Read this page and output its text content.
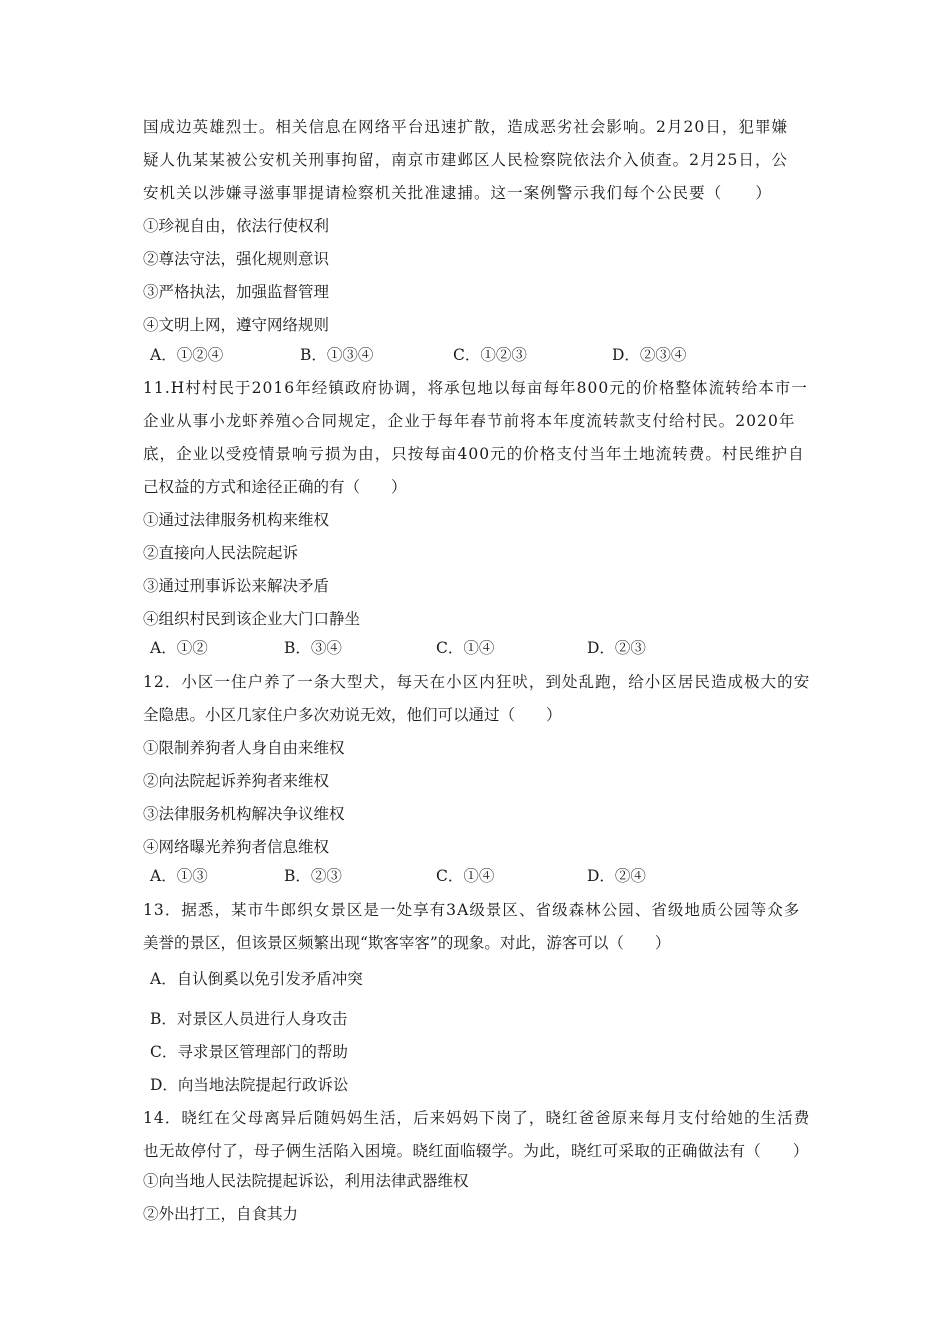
国成边英雄烈士。相关信息在网络平台迅速扩散，造成恶劣社会影响。2月20日，犯罪嫌
疑人仇某某被公安机关刑事拘留，南京市建邺区人民检察院依法介入侦查。2月25日，公
安机关以涉嫌寻滋事罪提请检察机关批准逮捕。这一案例警示我们每个公民要（　　）
①珍视自由，依法行使权利
②尊法守法，强化规则意识
③严格执法，加强监督管理
④文明上网，遵守网络规则
A．①②④	B．①③④	C．①②③	D．②③④
11.H村村民于2016年经镇政府协调，将承包地以每亩每年800元的价格整体流转给本市一
企业从事小龙虾养殖◇合同规定，企业于每年春节前将本年度流转款支付给村民。2020年
底，企业以受疫情景响亏损为由，只按每亩400元的价格支付当年土地流转费。村民维护自
己权益的方式和途径正确的有（　　）
①通过法律服务机构来维权
②直接向人民法院起诉
③通过刑事诉讼来解决矛盾
④组织村民到该企业大门口静坐
A．①②	B．③④	C．①④	D．②③
12．小区一住户养了一条大型犬，每天在小区内狂吠，到处乱跑，给小区居民造成极大的安
全隐患。小区几家住户多次劝说无效，他们可以通过（　　）
①限制养狗者人身自由来维权
②向法院起诉养狗者来维权
③法律服务机构解决争议维权
④网络曝光养狗者信息维权
A．①③	B．②③	C．①④	D．②④
13．据悉，某市牛郎织女景区是一处享有3A级景区、省级森林公园、省级地质公园等众多
美誉的景区，但该景区频繁出现“欺客宰客”的现象。对此，游客可以（　　）
A．自认倒奚以免引发矛盾冲突
B．对景区人员进行人身攻击
C．寻求景区管理部门的帮助
D．向当地法院提起行政诉讼
14．晓红在父母离异后随妈妈生活，后来妈妈下岗了，晓红爸爸原来每月支付给她的生活费
也无故停付了，母子俩生活陷入困境。晓红面临辍学。为此，晓红可采取的正确做法有（　　）
①向当地人民法院提起诉讼，利用法律武器维权
②外出打工，自食其力
